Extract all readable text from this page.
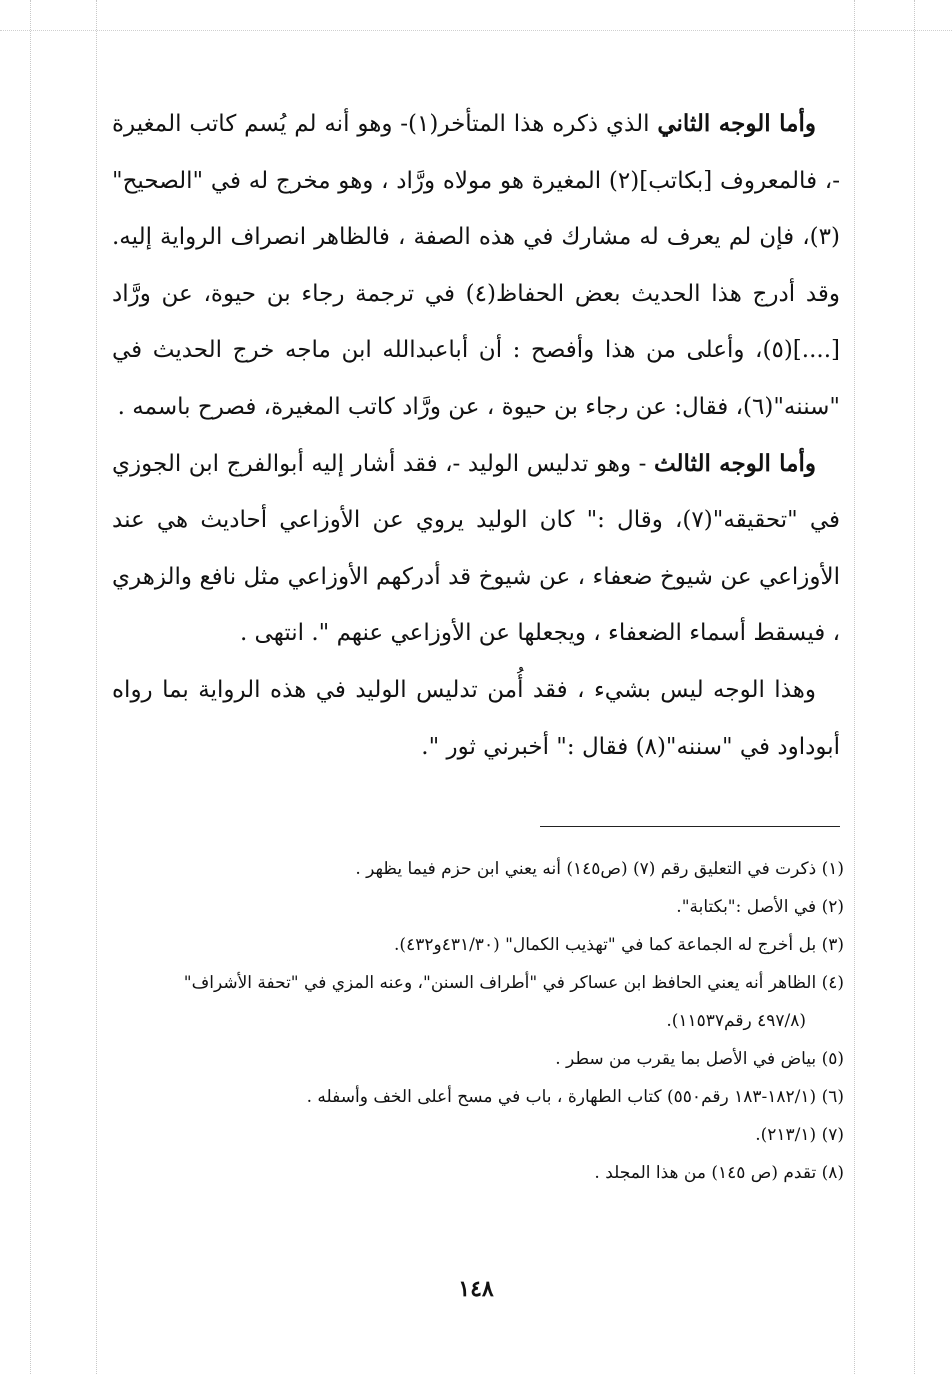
وأما الوجه الثاني الذي ذكره هذا المتأخر(١)- وهو أنه لم يُسم كاتب المغيرة -، فالمعروف [بكاتب](٢) المغيرة هو مولاه ورَّاد ، وهو مخرج له في "الصحيح"(٣)، فإن لم يعرف له مشارك في هذه الصفة ، فالظاهر انصراف الرواية إليه. وقد أدرج هذا الحديث بعض الحفاظ(٤) في ترجمة رجاء بن حيوة، عن ورَّاد [....](٥)، وأعلى من هذا وأفصح : أن أباعبدالله ابن ماجه خرج الحديث في "سننه"(٦)، فقال: عن رجاء بن حيوة ، عن ورَّاد كاتب المغيرة، فصرح باسمه .

وأما الوجه الثالث - وهو تدليس الوليد -، فقد أشار إليه أبوالفرج ابن الجوزي في "تحقيقه"(٧)، وقال :" كان الوليد يروي عن الأوزاعي أحاديث هي عند الأوزاعي عن شيوخ ضعفاء ، عن شيوخ قد أدركهم الأوزاعي مثل نافع والزهري ، فيسقط أسماء الضعفاء ، ويجعلها عن الأوزاعي عنهم ". انتهى .

وهذا الوجه ليس بشيء ، فقد أُمن تدليس الوليد في هذه الرواية بما رواه أبوداود في "سننه"(٨) فقال :" أخبرني ثور ".

(١) ذكرت في التعليق رقم (٧) (ص١٤٥) أنه يعني ابن حزم فيما يظهر .

(٢) في الأصل :"بكتابة".

(٣) بل أخرج له الجماعة كما في "تهذيب الكمال" (٤٣١/٣٠و٤٣٢).

(٤) الظاهر أنه يعني الحافظ ابن عساكر في "أطراف السنن"، وعنه المزي في "تحفة الأشراف"
(٤٩٧/٨ رقم١١٥٣٧).

(٥) بياض في الأصل بما يقرب من سطر .

(٦) (١٨٢/١-١٨٣ رقم٥٥٠) كتاب الطهارة ، باب في مسح أعلى الخف وأسفله .

(٧) (٢١٣/١).

(٨) تقدم (ص ١٤٥) من هذا المجلد .

١٤٨
